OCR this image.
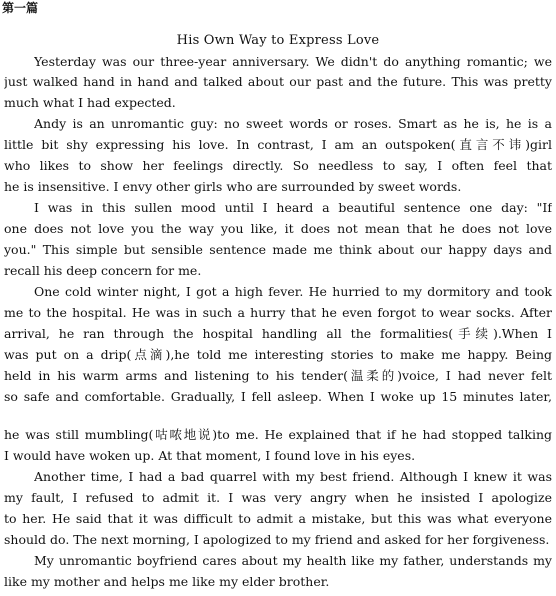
第一篇
His Own Way to Express Love
Yesterday was our three-year anniversary. We didn't do anything romantic; we
just walked hand in hand and talked about our past and the future. This was pretty
much what I had expected.
Andy is an unromantic guy: no sweet words or roses. Smart as he is, he is a
little bit shy expressing his love. In contrast, I am an outspoken(直言不讳)girl
who likes to show her feelings directly. So needless to say, I often feel that
he is insensitive. I envy other girls who are surrounded by sweet words.
I was in this sullen mood until I heard a beautiful sentence one day: "If
one does not love you the way you like, it does not mean that he does not love
you." This simple but sensible sentence made me think about our happy days and
recall his deep concern for me.
One cold winter night, I got a high fever. He hurried to my dormitory and took
me to the hospital. He was in such a hurry that he even forgot to wear socks. After
arrival, he ran through the hospital handling all the formalities(手续).When I
was put on a drip(点滴),he told me interesting stories to make me happy. Being
held in his warm arms and listening to his tender(温柔的)voice, I had never felt
so safe and comfortable. Gradually, I fell asleep. When I woke up 15 minutes later,
he was still mumbling(咕哝地说)to me. He explained that if he had stopped talking
I would have woken up. At that moment, I found love in his eyes.
Another time, I had a bad quarrel with my best friend. Although I knew it was
my fault, I refused to admit it. I was very angry when he insisted I apologize
to her. He said that it was difficult to admit a mistake, but this was what everyone
should do. The next morning, I apologized to my friend and asked for her forgiveness.
My unromantic boyfriend cares about my health like my father, understands my
like my mother and helps me like my elder brother.
